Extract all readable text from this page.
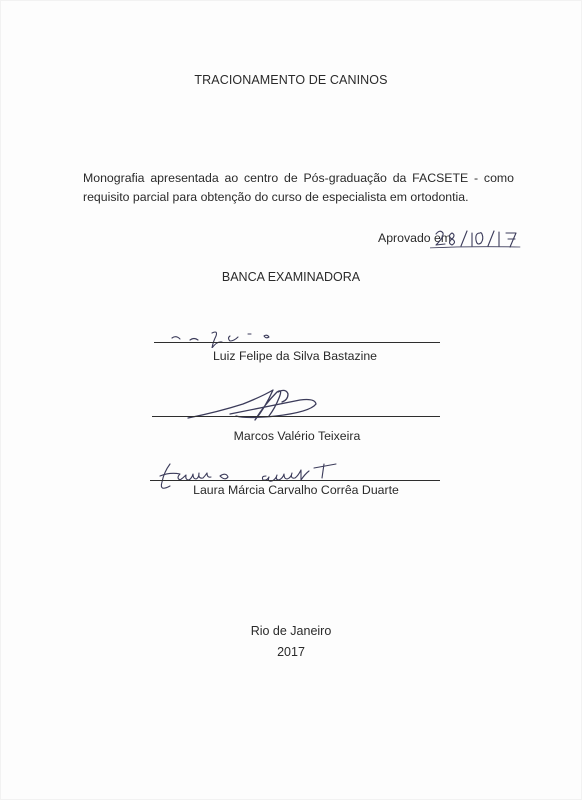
TRACIONAMENTO DE CANINOS
Monografia apresentada ao centro de Pós-graduação da FACSETE - como requisito parcial para obtenção do curso de especialista em ortodontia.
Aprovado em
BANCA EXAMINADORA
Luiz Felipe da Silva Bastazine
Marcos Valério Teixeira
Laura Márcia Carvalho Corrêa Duarte
Rio de Janeiro
2017
